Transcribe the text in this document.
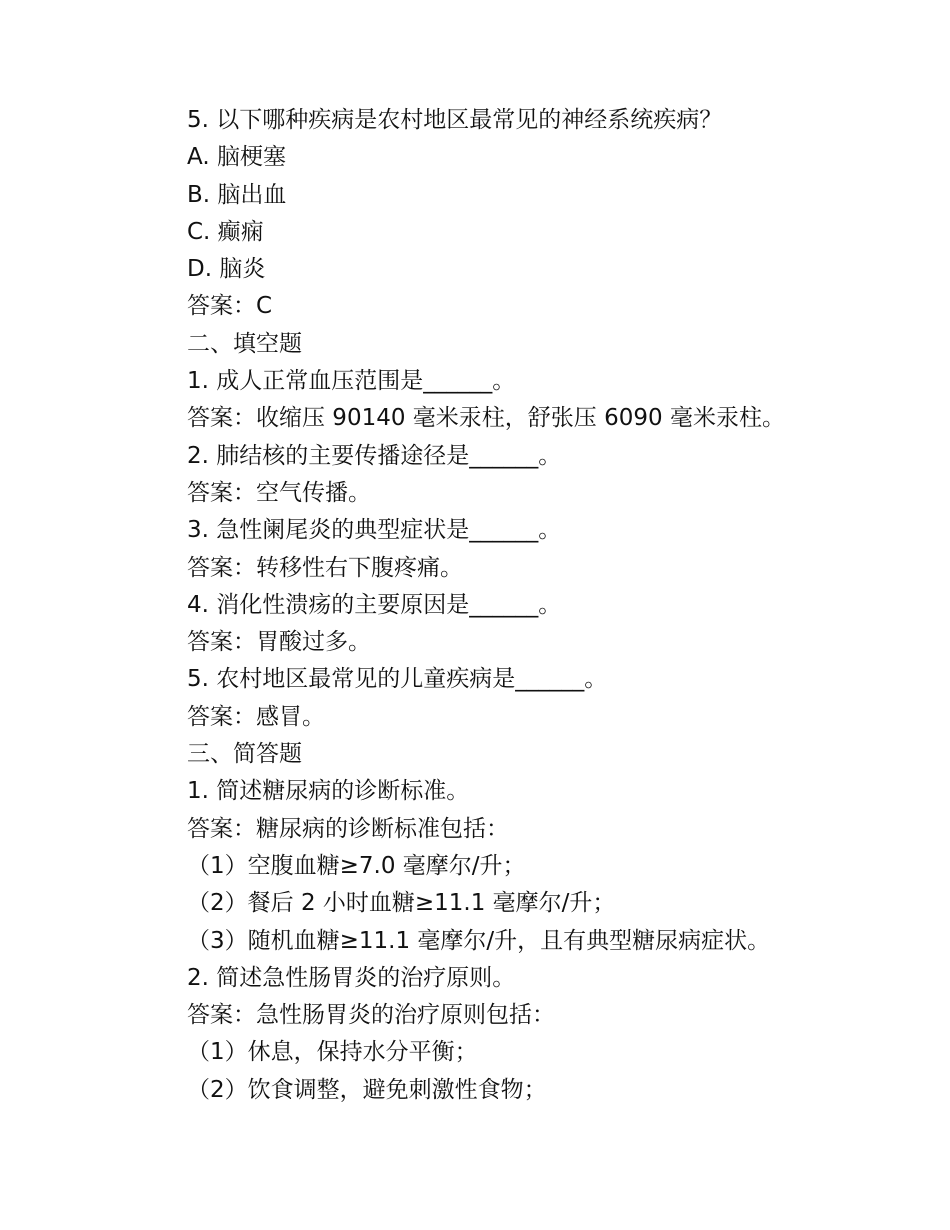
5. 以下哪种疾病是农村地区最常见的神经系统疾病？
A. 脑梗塞
B. 脑出血
C. 癫痫
D. 脑炎
答案：C
二、填空题
1. 成人正常血压范围是______。
答案：收缩压 90140 毫米汞柱，舒张压 6090 毫米汞柱。
2. 肺结核的主要传播途径是______。
答案：空气传播。
3. 急性阑尾炎的典型症状是______。
答案：转移性右下腹疼痛。
4. 消化性溃疡的主要原因是______。
答案：胃酸过多。
5. 农村地区最常见的儿童疾病是______。
答案：感冒。
三、简答题
1. 简述糖尿病的诊断标准。
答案：糖尿病的诊断标准包括：
（1）空腹血糖≥7.0 毫摩尔/升；
（2）餐后 2 小时血糖≥11.1 毫摩尔/升；
（3）随机血糖≥11.1 毫摩尔/升，且有典型糖尿病症状。
2. 简述急性肠胃炎的治疗原则。
答案：急性肠胃炎的治疗原则包括：
（1）休息，保持水分平衡；
（2）饮食调整，避免刺激性食物；
